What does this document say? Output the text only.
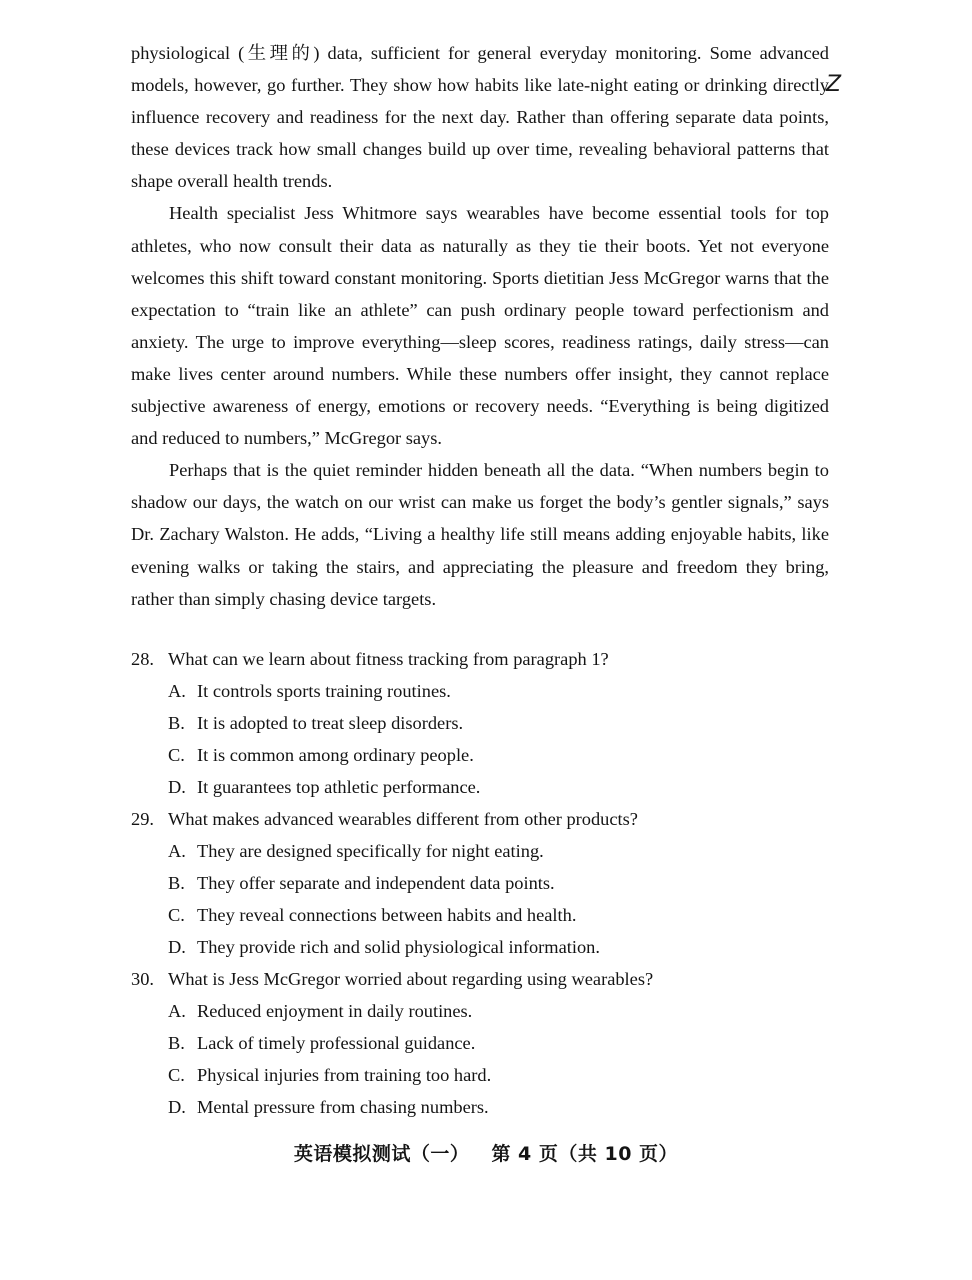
physiological (生理的) data, sufficient for general everyday monitoring. Some advanced models, however, go further. They show how habits like late-night eating or drinking directly influence recovery and readiness for the next day. Rather than offering separate data points, these devices track how small changes build up over time, revealing behavioral patterns that shape overall health trends.

Health specialist Jess Whitmore says wearables have become essential tools for top athletes, who now consult their data as naturally as they tie their boots. Yet not everyone welcomes this shift toward constant monitoring. Sports dietitian Jess McGregor warns that the expectation to “train like an athlete” can push ordinary people toward perfectionism and anxiety. The urge to improve everything—sleep scores, readiness ratings, daily stress—can make lives center around numbers. While these numbers offer insight, they cannot replace subjective awareness of energy, emotions or recovery needs. “Everything is being digitized and reduced to numbers,” McGregor says.

Perhaps that is the quiet reminder hidden beneath all the data. “When numbers begin to shadow our days, the watch on our wrist can make us forget the body’s gentler signals,” says Dr. Zachary Walston. He adds, “Living a healthy life still means adding enjoyable habits, like evening walks or taking the stairs, and appreciating the pleasure and freedom they bring, rather than simply chasing device targets.

Z
28. What can we learn about fitness tracking from paragraph 1?
A. It controls sports training routines.
B. It is adopted to treat sleep disorders.
C. It is common among ordinary people.
D. It guarantees top athletic performance.
29. What makes advanced wearables different from other products?
A. They are designed specifically for night eating.
B. They offer separate and independent data points.
C. They reveal connections between habits and health.
D. They provide rich and solid physiological information.
30. What is Jess McGregor worried about regarding using wearables?
A. Reduced enjoyment in daily routines.
B. Lack of timely professional guidance.
C. Physical injuries from training too hard.
D. Mental pressure from chasing numbers.
英语模拟测试（一） 第 4 页（共 10 页）
